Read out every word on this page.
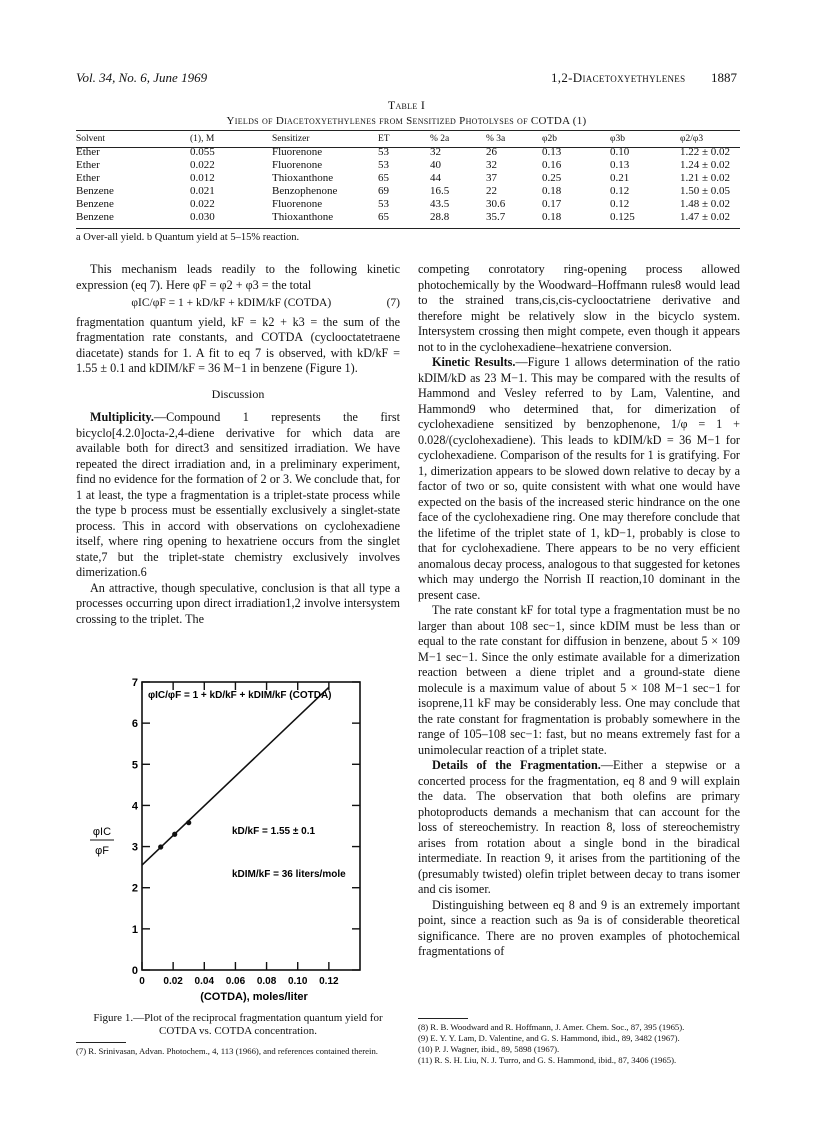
Vol. 34, No. 6, June 1969	1,2-Diacetoxyethylenes 1887
Table I
Yields of Diacetoxyethylenes from Sensitized Photolyses of COTDA (1)
Solvent	(1), M	Sensitizer	ET	% 2a	% 3a	φ2b	φ3b	φ2/φ3
Ether	0.055	Fluorenone	53	32	26	0.13	0.10	1.22 ± 0.02
Ether	0.022	Fluorenone	53	40	32	0.16	0.13	1.24 ± 0.02
Ether	0.012	Thioxanthone	65	44	37	0.25	0.21	1.21 ± 0.02
Benzene	0.021	Benzophenone	69	16.5	22	0.18	0.12	1.50 ± 0.05
Benzene	0.022	Fluorenone	53	43.5	30.6	0.17	0.12	1.48 ± 0.02
Benzene	0.030	Thioxanthone	65	28.8	35.7	0.18	0.125	1.47 ± 0.02
a Over-all yield. b Quantum yield at 5–15% reaction.

This mechanism leads readily to the following kinetic expression (eq 7). Here φF = φ2 + φ3 = the total

φIC/φF = 1 + kD/kF + kDIM/kF (COTDA)	(7)

fragmentation quantum yield, kF = k2 + k3 = the sum of the fragmentation rate constants, and COTDA (cyclooctatetraene diacetate) stands for 1. A fit to eq 7 is observed, with kD/kF = 1.55 ± 0.1 and kDIM/kF = 36 M−1 in benzene (Figure 1).

Discussion

Multiplicity.—Compound 1 represents the first bicyclo[4.2.0]octa-2,4-diene derivative for which data are available both for direct3 and sensitized irradiation. We have repeated the direct irradiation and, in a preliminary experiment, find no evidence for the formation of 2 or 3. We conclude that, for 1 at least, the type a fragmentation is a triplet-state process while the type b process must be essentially exclusively a singlet-state process. This in accord with observations on cyclohexadiene itself, where ring opening to hexatriene occurs from the singlet state,7 but the triplet-state chemistry exclusively involves dimerization.6

An attractive, though speculative, conclusion is that all type a processes occurring upon direct irradiation1,2 involve intersystem crossing to the triplet. The

0
1
2
3
4
5
6
7
0 0.02 0.04 0.06 0.08 0.10 0.12
φIC
φF
(COTDA), moles/liter
φIC/φF = 1 + kD/kF + kDIM/kF (COTDA)
kD/kF = 1.55 ± 0.1
kDIM/kF = 36 liters/mole
Figure 1.—Plot of the reciprocal fragmentation quantum yield for COTDA vs. COTDA concentration.
(7) R. Srinivasan, Advan. Photochem., 4, 113 (1966), and references contained therein.

competing conrotatory ring-opening process allowed photochemically by the Woodward–Hoffmann rules8 would lead to the strained trans,cis,cis-cyclooctatriene derivative and therefore might be relatively slow in the bicyclo system. Intersystem crossing then might compete, even though it appears not to in the cyclohexadiene–hexatriene conversion.

Kinetic Results.—Figure 1 allows determination of the ratio kDIM/kD as 23 M−1. This may be compared with the results of Hammond and Vesley referred to by Lam, Valentine, and Hammond9 who determined that, for dimerization of cyclohexadiene sensitized by benzophenone, 1/φ = 1 + 0.028/(cyclohexadiene). This leads to kDIM/kD = 36 M−1 for cyclohexadiene. Comparison of the results for 1 is gratifying. For 1, dimerization appears to be slowed down relative to decay by a factor of two or so, quite consistent with what one would have expected on the basis of the increased steric hindrance on the one face of the cyclohexadiene ring. One may therefore conclude that the lifetime of the triplet state of 1, kD−1, probably is close to that for cyclohexadiene. There appears to be no very efficient anomalous decay process, analogous to that suggested for ketones which may undergo the Norrish II reaction,10 dominant in the present case.

The rate constant kF for total type a fragmentation must be no larger than about 108 sec−1, since kDIM must be less than or equal to the rate constant for diffusion in benzene, about 5 × 109 M−1 sec−1. Since the only estimate available for a dimerization reaction between a diene triplet and a ground-state diene molecule is a maximum value of about 5 × 108 M−1 sec−1 for isoprene,11 kF may be considerably less. One may conclude that the rate constant for fragmentation is probably somewhere in the range of 105–108 sec−1: fast, but no means extremely fast for a unimolecular reaction of a triplet state.

Details of the Fragmentation.—Either a stepwise or a concerted process for the fragmentation, eq 8 and 9 will explain the data. The observation that both olefins are primary photoproducts demands a mechanism that can account for the loss of stereochemistry. In reaction 8, loss of stereochemistry arises from rotation about a single bond in the biradical intermediate. In reaction 9, it arises from the partitioning of the (presumably twisted) olefin triplet between decay to trans isomer and cis isomer.

Distinguishing between eq 8 and 9 is an extremely important point, since a reaction such as 9a is of considerable theoretical significance. There are no proven examples of photochemical fragmentations of

(8) R. B. Woodward and R. Hoffmann, J. Amer. Chem. Soc., 87, 395 (1965).
(9) E. Y. Y. Lam, D. Valentine, and G. S. Hammond, ibid., 89, 3482 (1967).
(10) P. J. Wagner, ibid., 89, 5898 (1967).
(11) R. S. H. Liu, N. J. Turro, and G. S. Hammond, ibid., 87, 3406 (1965).
